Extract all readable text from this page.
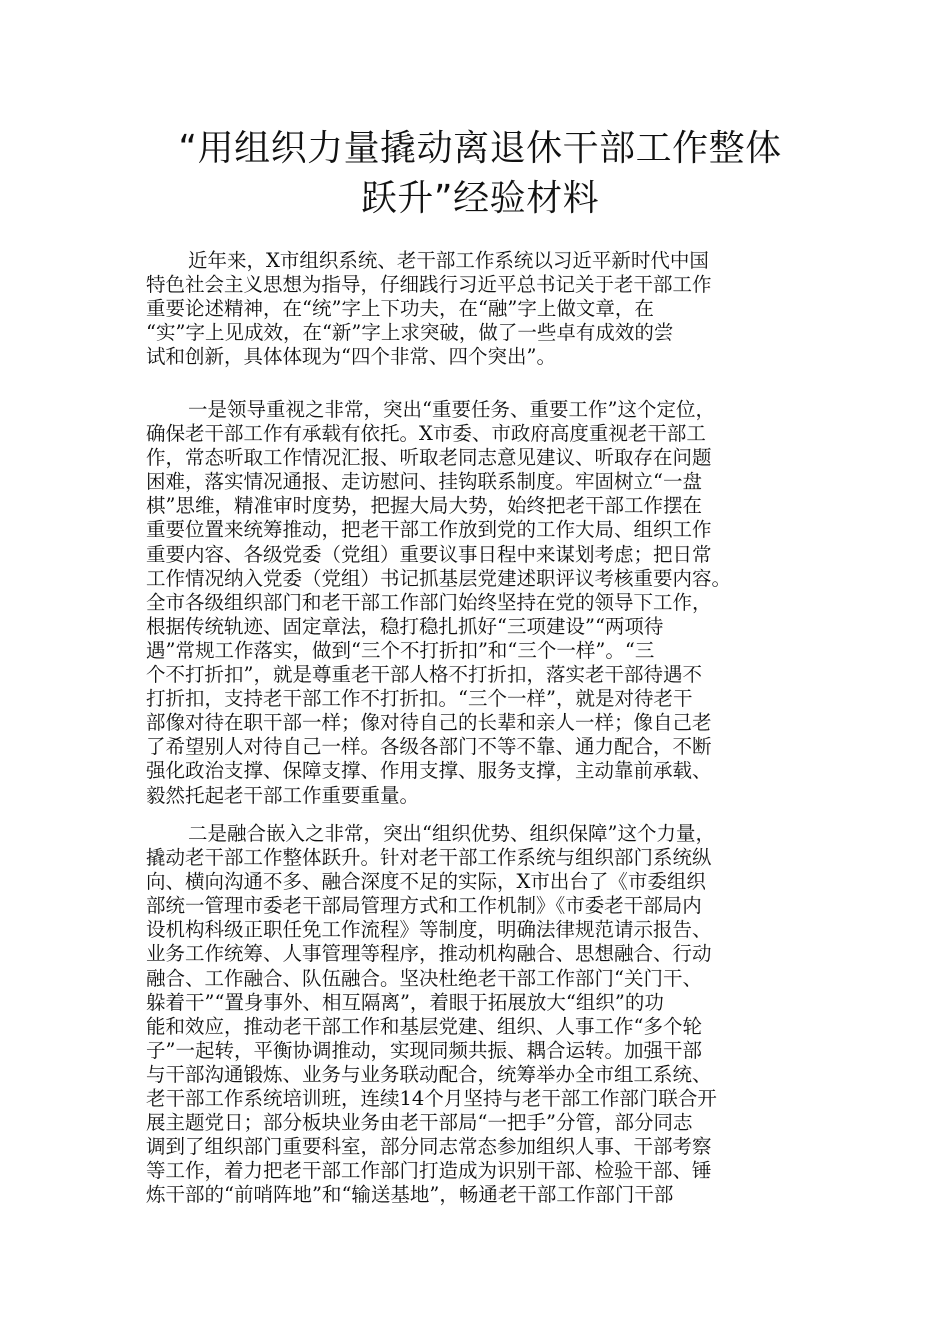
“用组织力量撬动离退休干部工作整体
跃升”经验材料
近年来，X市组织系统、老干部工作系统以习近平新时代中国
特色社会主义思想为指导，仔细践行习近平总书记关于老干部工作
重要论述精神，在“统”字上下功夫，在“融”字上做文章，在
“实”字上见成效，在“新”字上求突破，做了一些卓有成效的尝
试和创新，具体体现为“四个非常、四个突出”。
一是领导重视之非常，突出“重要任务、重要工作”这个定位，
确保老干部工作有承载有依托。X市委、市政府高度重视老干部工
作，常态听取工作情况汇报、听取老同志意见建议、听取存在问题
困难，落实情况通报、走访慰问、挂钩联系制度。牢固树立“一盘
棋”思维，精准审时度势，把握大局大势，始终把老干部工作摆在
重要位置来统筹推动，把老干部工作放到党的工作大局、组织工作
重要内容、各级党委（党组）重要议事日程中来谋划考虑；把日常
工作情况纳入党委（党组）书记抓基层党建述职评议考核重要内容。
全市各级组织部门和老干部工作部门始终坚持在党的领导下工作，
根据传统轨迹、固定章法，稳打稳扎抓好“三项建设”“两项待
遇”常规工作落实，做到“三个不打折扣”和“三个一样”。“三
个不打折扣”，就是尊重老干部人格不打折扣，落实老干部待遇不
打折扣，支持老干部工作不打折扣。“三个一样”，就是对待老干
部像对待在职干部一样；像对待自己的长辈和亲人一样；像自己老
了希望别人对待自己一样。各级各部门不等不靠、通力配合，不断
强化政治支撑、保障支撑、作用支撑、服务支撑，主动靠前承载、
毅然托起老干部工作重要重量。
二是融合嵌入之非常，突出“组织优势、组织保障”这个力量，
撬动老干部工作整体跃升。针对老干部工作系统与组织部门系统纵
向、横向沟通不多、融合深度不足的实际，X市出台了《市委组织
部统一管理市委老干部局管理方式和工作机制》《市委老干部局内
设机构科级正职任免工作流程》等制度，明确法律规范请示报告、
业务工作统筹、人事管理等程序，推动机构融合、思想融合、行动
融合、工作融合、队伍融合。坚决杜绝老干部工作部门“关门干、
躲着干”“置身事外、相互隔离”，着眼于拓展放大“组织”的功
能和效应，推动老干部工作和基层党建、组织、人事工作“多个轮
子”一起转，平衡协调推动，实现同频共振、耦合运转。加强干部
与干部沟通锻炼、业务与业务联动配合，统筹举办全市组工系统、
老干部工作系统培训班，连续14个月坚持与老干部工作部门联合开
展主题党日；部分板块业务由老干部局“一把手”分管，部分同志
调到了组织部门重要科室，部分同志常态参加组织人事、干部考察
等工作，着力把老干部工作部门打造成为识别干部、检验干部、锤
炼干部的“前哨阵地”和“输送基地”，畅通老干部工作部门干部
